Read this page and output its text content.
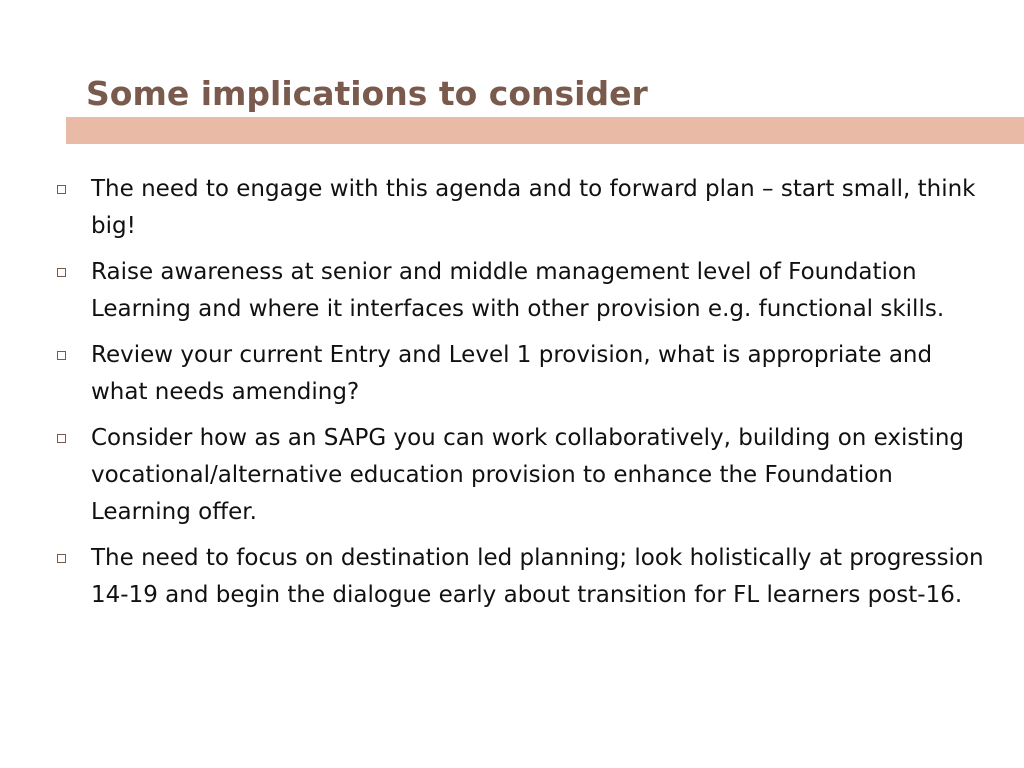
Some implications to consider
The need to engage with this agenda and to forward plan – start small, think big!
Raise awareness at senior and middle management level of Foundation Learning and where it interfaces with other provision e.g. functional skills.
Review your current Entry and Level 1 provision, what is appropriate and what needs amending?
Consider how as an SAPG you can work collaboratively, building on existing vocational/alternative education provision to enhance the Foundation Learning offer.
The need to focus on destination led planning; look holistically at progression 14-19 and begin the dialogue early about transition for FL learners post-16.
